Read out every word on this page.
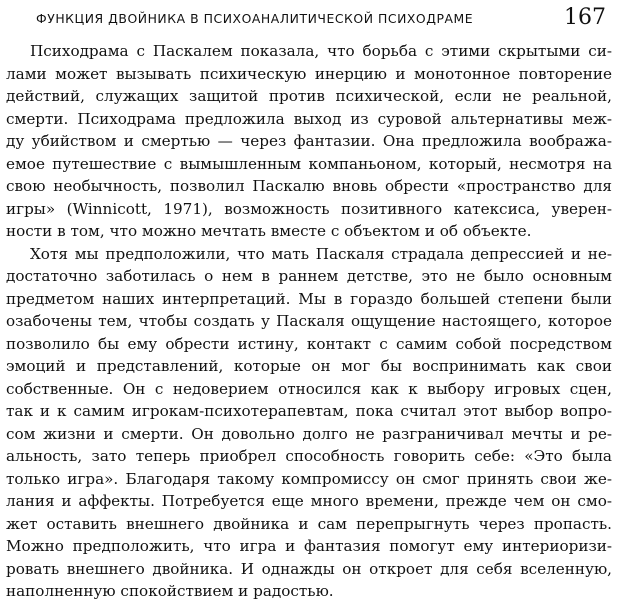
ФУНКЦИЯ ДВОЙНИКА В ПСИХОАНАЛИТИЧЕСКОЙ ПСИХОДРАМЕ	167
Психодрама с Паскалем показала, что борьба с этими скрытыми си-
лами может вызывать психическую инерцию и монотонное повторение
действий, служащих защитой против психической, если не реальной,
смерти. Психодрама предложила выход из суровой альтернативы меж-
ду убийством и смертью — через фантазии. Она предложила вообража-
емое путешествие с вымышленным компаньоном, который, несмотря на
свою необычность, позволил Паскалю вновь обрести «пространство для
игры» (Winnicott, 1971), возможность позитивного катексиса, уверен-
ности в том, что можно мечтать вместе с объектом и об объекте.
Хотя мы предположили, что мать Паскаля страдала депрессией и не-
достаточно заботилась о нем в раннем детстве, это не было основным
предметом наших интерпретаций. Мы в гораздо большей степени были
озабочены тем, чтобы создать у Паскаля ощущение настоящего, которое
позволило бы ему обрести истину, контакт с самим собой посредством
эмоций и представлений, которые он мог бы воспринимать как свои
собственные. Он с недоверием относился как к выбору игровых сцен,
так и к самим игрокам-психотерапевтам, пока считал этот выбор вопро-
сом жизни и смерти. Он довольно долго не разграничивал мечты и ре-
альность, зато теперь приобрел способность говорить себе: «Это была
только игра». Благодаря такому компромиссу он смог принять свои же-
лания и аффекты. Потребуется еще много времени, прежде чем он смо-
жет оставить внешнего двойника и сам перепрыгнуть через пропасть.
Можно предположить, что игра и фантазия помогут ему интериоризи-
ровать внешнего двойника. И однажды он откроет для себя вселенную,
наполненную спокойствием и радостью.
